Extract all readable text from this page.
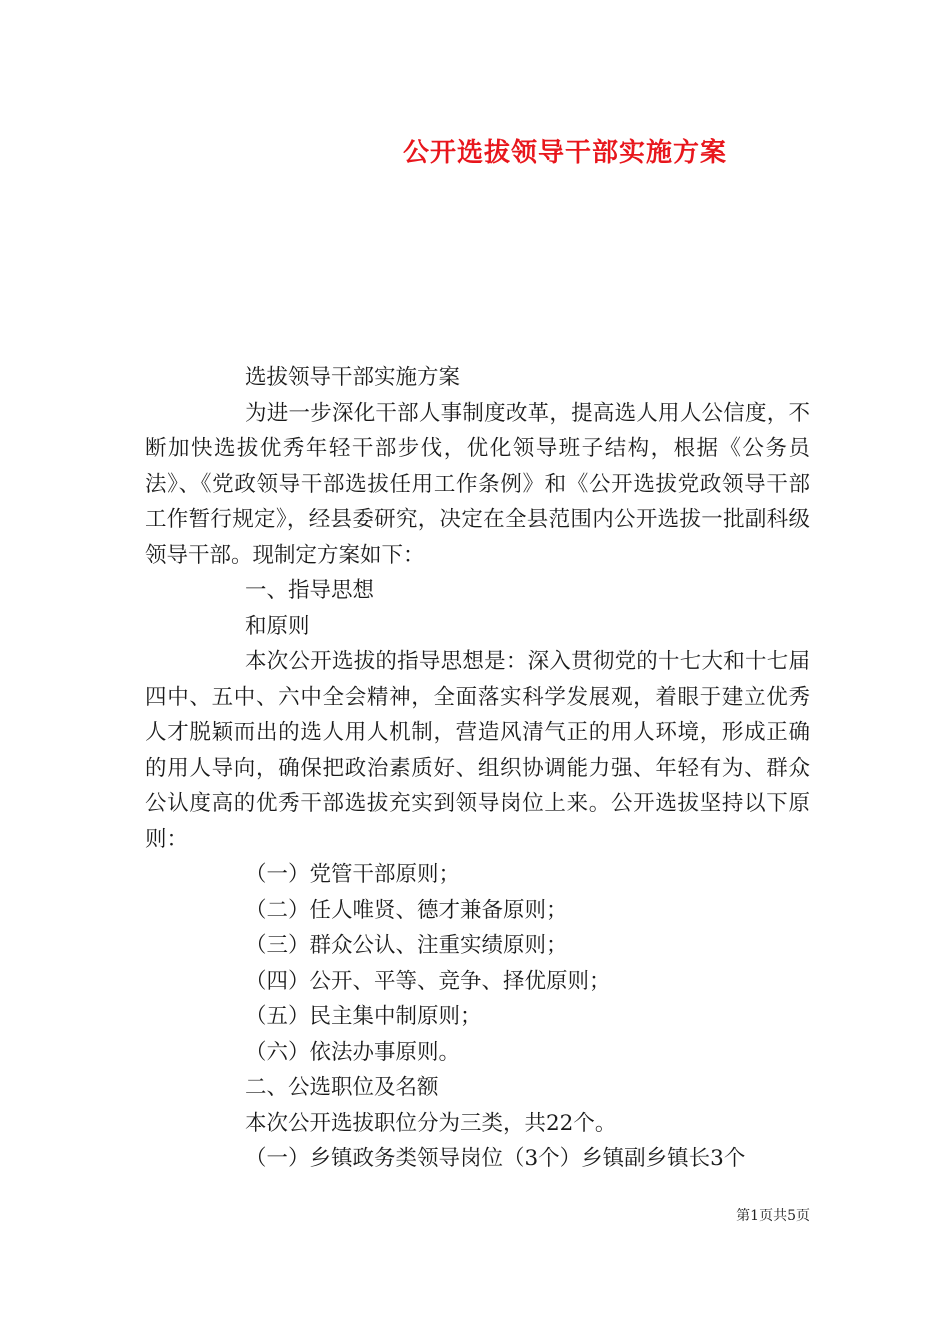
公开选拔领导干部实施方案

选拔领导干部实施方案

为进一步深化干部人事制度改革，提高选人用人公信度，不断加快选拔优秀年轻干部步伐，优化领导班子结构，根据《公务员法》、《党政领导干部选拔任用工作条例》和《公开选拔党政领导干部工作暂行规定》，经县委研究，决定在全县范围内公开选拔一批副科级领导干部。现制定方案如下：

一、指导思想

和原则

本次公开选拔的指导思想是：深入贯彻党的十七大和十七届四中、五中、六中全会精神，全面落实科学发展观，着眼于建立优秀人才脱颖而出的选人用人机制，营造风清气正的用人环境，形成正确的用人导向，确保把政治素质好、组织协调能力强、年轻有为、群众公认度高的优秀干部选拔充实到领导岗位上来。公开选拔坚持以下原则：

（一）党管干部原则；

（二）任人唯贤、德才兼备原则；

（三）群众公认、注重实绩原则；

（四）公开、平等、竞争、择优原则；

（五）民主集中制原则；

（六）依法办事原则。

二、公选职位及名额

本次公开选拔职位分为三类，共22个。

（一）乡镇政务类领导岗位（3个）乡镇副乡镇长3个

第1页共5页
